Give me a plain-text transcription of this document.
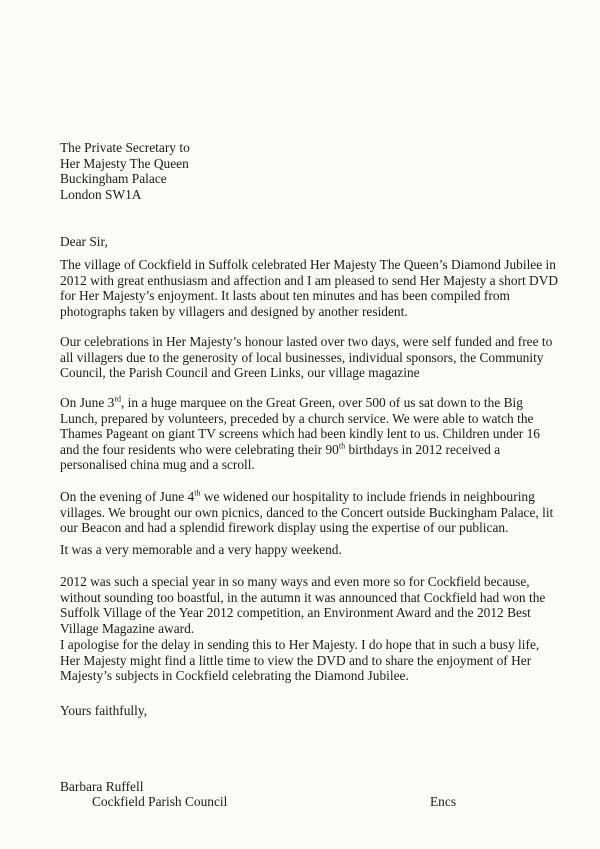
The Private Secretary to
Her Majesty The Queen
Buckingham Palace
London SW1A
Dear Sir,
The village of Cockfield in Suffolk celebrated Her Majesty The Queen’s Diamond Jubilee in
2012 with great enthusiasm and affection and I am pleased to send Her Majesty a short DVD
for Her Majesty’s enjoyment. It lasts about ten minutes and has been compiled from
photographs taken by villagers and designed by another resident.
Our celebrations in Her Majesty’s honour lasted over two days, were self funded and free to
all villagers due to the generosity of local businesses, individual sponsors, the Community
Council, the Parish Council and Green Links, our village magazine
On June 3rd, in a huge marquee on the Great Green, over 500 of us sat down to the Big
Lunch, prepared by volunteers, preceded by a church service. We were able to watch the
Thames Pageant on giant TV screens which had been kindly lent to us. Children under 16
and the four residents who were celebrating their 90th birthdays in 2012 received a
personalised china mug and a scroll.
On the evening of June 4th we widened our hospitality to include friends in neighbouring
villages. We brought our own picnics, danced to the Concert outside Buckingham Palace, lit
our Beacon and had a splendid firework display using the expertise of our publican.
It was a very memorable and a very happy weekend.
2012 was such a special year in so many ways and even more so for Cockfield because,
without sounding too boastful, in the autumn it was announced that Cockfield had won the
Suffolk Village of the Year 2012 competition, an Environment Award and the 2012 Best
Village Magazine award.
I apologise for the delay in sending this to Her Majesty. I do hope that in such a busy life,
Her Majesty might find a little time to view the DVD and to share the enjoyment of Her
Majesty’s subjects in Cockfield celebrating the Diamond Jubilee.
Yours faithfully,
Barbara Ruffell
Cockfield Parish Council	Encs
